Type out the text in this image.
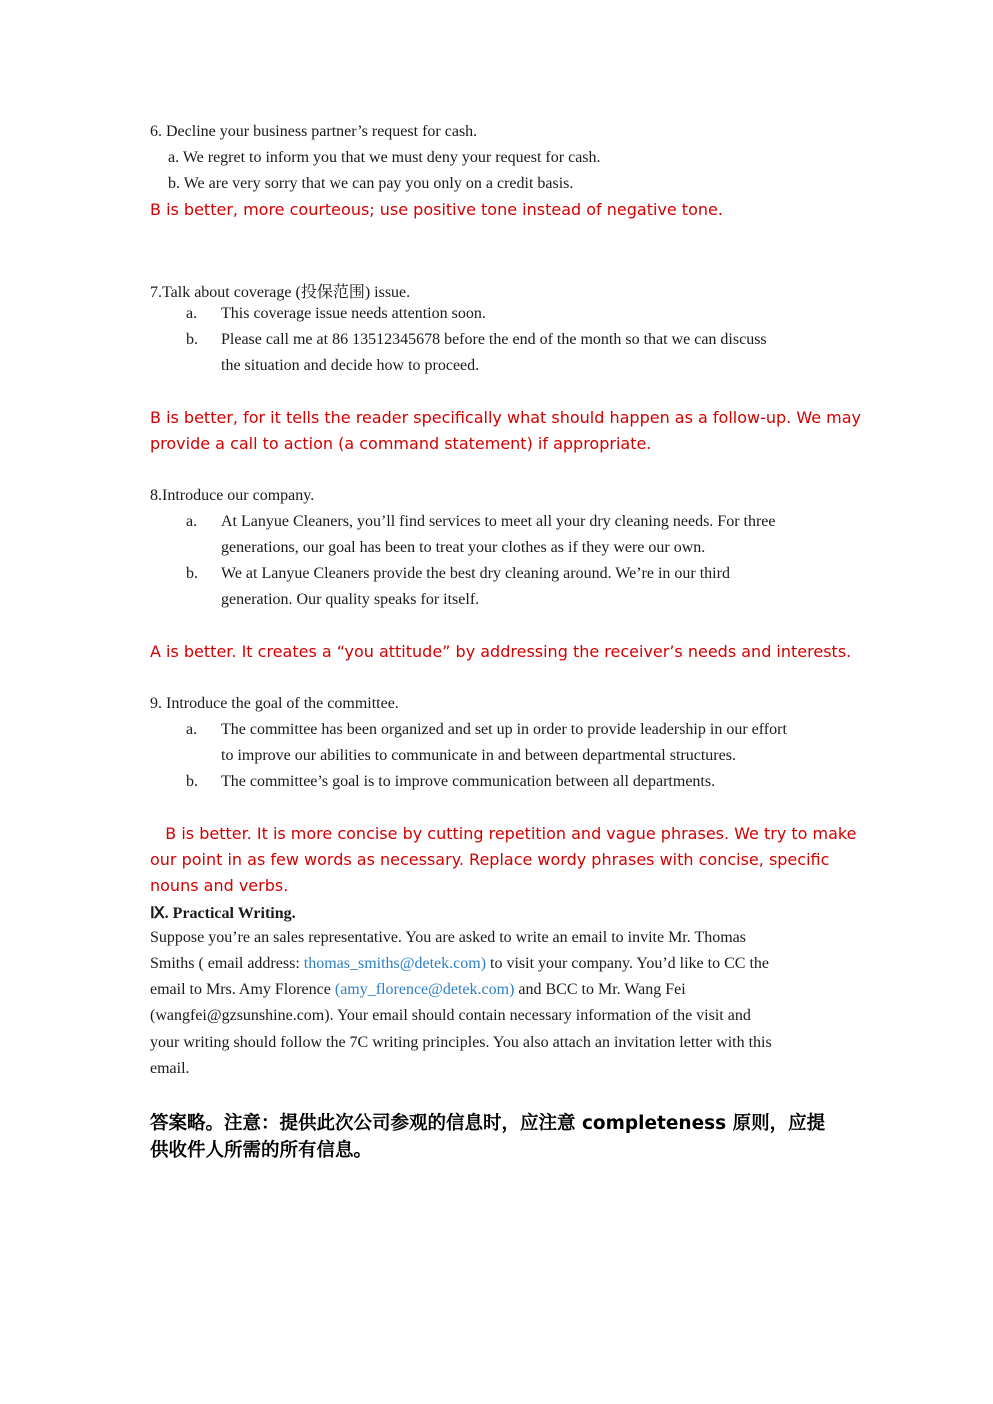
6. Decline your business partner’s request for cash.
a. We regret to inform you that we must deny your request for cash.
b. We are very sorry that we can pay you only on a credit basis.
B is better, more courteous; use positive tone instead of negative tone.
7.Talk about coverage (投保范围) issue.
a. This coverage issue needs attention soon.
b. Please call me at 86 13512345678 before the end of the month so that we can discuss
the situation and decide how to proceed.
B is better, for it tells the reader specifically what should happen as a follow-up. We may
provide a call to action (a command statement) if appropriate.
8.Introduce our company.
a. At Lanyue Cleaners, you’ll find services to meet all your dry cleaning needs. For three
generations, our goal has been to treat your clothes as if they were our own.
b. We at Lanyue Cleaners provide the best dry cleaning around. We’re in our third
generation. Our quality speaks for itself.
A is better. It creates a “you attitude” by addressing the receiver’s needs and interests.
9. Introduce the goal of the committee.
a. The committee has been organized and set up in order to provide leadership in our effort
to improve our abilities to communicate in and between departmental structures.
b. The committee’s goal is to improve communication between all departments.
B is better. It is more concise by cutting repetition and vague phrases. We try to make
our point in as few words as necessary. Replace wordy phrases with concise, specific
nouns and verbs.
Ⅸ. Practical Writing.
Suppose you’re an sales representative. You are asked to write an email to invite Mr. Thomas
Smiths ( email address: thomas_smiths@detek.com) to visit your company. You’d like to CC the
email to Mrs. Amy Florence (amy_florence@detek.com) and BCC to Mr. Wang Fei
(wangfei@gzsunshine.com). Your email should contain necessary information of the visit and
your writing should follow the 7C writing principles. You also attach an invitation letter with this
email.
答案略。注意：提供此次公司参观的信息时，应注意 completeness 原则，应提
供收件人所需的所有信息。
